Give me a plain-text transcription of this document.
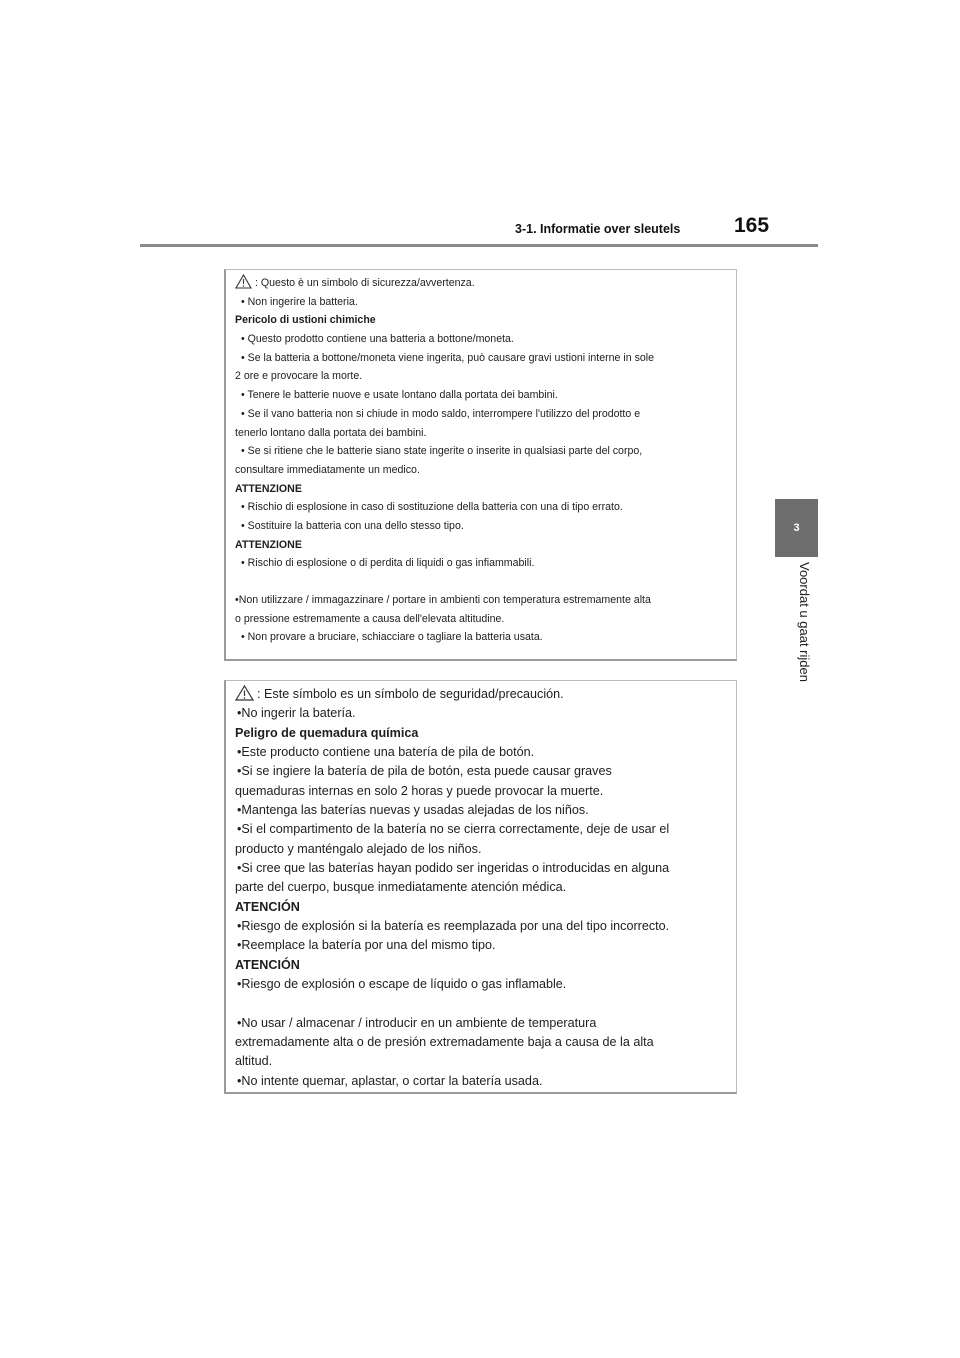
3-1. Informatie over sleutels	165
3
Voordat u gaat rijden
: Questo è un simbolo di sicurezza/avvertenza.
• Non ingerire la batteria.
Pericolo di ustioni chimiche
• Questo prodotto contiene una batteria a bottone/moneta.
• Se la batteria a bottone/moneta viene ingerita, può causare gravi ustioni interne in sole
2 ore e provocare la morte.
• Tenere le batterie nuove e usate lontano dalla portata dei bambini.
• Se il vano batteria non si chiude in modo saldo, interrompere l'utilizzo del prodotto e
tenerlo lontano dalla portata dei bambini.
• Se si ritiene che le batterie siano state ingerite o inserite in qualsiasi parte del corpo,
consultare immediatamente un medico.
ATTENZIONE
• Rischio di esplosione in caso di sostituzione della batteria con una di tipo errato.
• Sostituire la batteria con una dello stesso tipo.
ATTENZIONE
• Rischio di esplosione o di perdita di liquidi o gas infiammabili.
•Non utilizzare / immagazzinare / portare in ambienti con temperatura estremamente alta
o pressione estremamente a causa dell'elevata altitudine.
• Non provare a bruciare, schiacciare o tagliare la batteria usata.
: Este símbolo es un símbolo de seguridad/precaución.
•No ingerir la batería.
Peligro de quemadura química
•Este producto contiene una batería de pila de botón.
•Si se ingiere la batería de pila de botón, esta puede causar graves
quemaduras internas en solo 2 horas y puede provocar la muerte.
•Mantenga las baterías nuevas y usadas alejadas de los niños.
•Si el compartimento de la batería no se cierra correctamente, deje de usar el
producto y manténgalo alejado de los niños.
•Si cree que las baterías hayan podido ser ingeridas o introducidas en alguna
parte del cuerpo, busque inmediatamente atención médica.
ATENCIÓN
•Riesgo de explosión si la batería es reemplazada por una del tipo incorrecto.
•Reemplace la batería por una del mismo tipo.
ATENCIÓN
•Riesgo de explosión o escape de líquido o gas inflamable.
•No usar / almacenar / introducir en un ambiente de temperatura
extremadamente alta o de presión extremadamente baja a causa de la alta
altitud.
•No intente quemar, aplastar, o cortar la batería usada.
